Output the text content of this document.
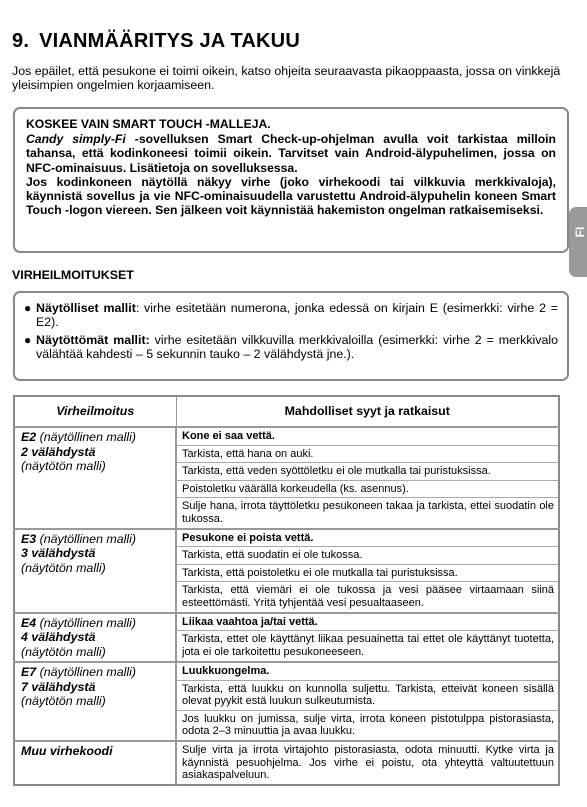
9. VIANMÄÄRITYS JA TAKUU

Jos epäilet, että pesukone ei toimi oikein, katso ohjeita seuraavasta pikaoppaasta, jossa on vinkkejä yleisimpien ongelmien korjaamiseen.

KOSKEE VAIN SMART TOUCH -MALLEJA.

Candy simply-Fi -sovelluksen Smart Check-up-ohjelman avulla voit tarkistaa milloin tahansa, että kodinkoneesi toimii oikein. Tarvitset vain Android-älypuhelimen, jossa on NFC-ominaisuus. Lisätietoja on sovelluksessa.

Jos kodinkoneen näytöllä näkyy virhe (joko virhekoodi tai vilkkuvia merkkivaloja), käynnistä sovellus ja vie NFC-ominaisuudella varustettu Android-älypuhelin koneen Smart Touch -logon viereen. Sen jälkeen voit käynnistää hakemiston ongelman ratkaisemiseksi.

VIRHEILMOITUKSET
● Näytölliset mallit: virhe esitetään numerona, jonka edessä on kirjain E (esimerkki: virhe 2 = E2).
● Näytöttömät mallit: virhe esitetään vilkkuvilla merkkivaloilla (esimerkki: virhe 2 = merkkivalo välähtää kahdesti – 5 sekunnin tauko – 2 välähdystä jne.).
Virheilmoitus	Mahdolliset syyt ja ratkaisut
E2 (näytöllinen malli)
2 välähdystä
(näytötön malli)	Kone ei saa vettä.
	Tarkista, että hana on auki.
	Tarkista, että veden syöttöletku ei ole mutkalla tai puristuksissa.
	Poistoletku väärällä korkeudella (ks. asennus).
	Sulje hana, irrota täyttöletku pesukoneen takaa ja tarkista, ettei suodatin ole tukossa.
E3 (näytöllinen malli)
3 välähdystä
(näytötön malli)	Pesukone ei poista vettä.
	Tarkista, että suodatin ei ole tukossa.
	Tarkista, että poistoletku ei ole mutkalla tai puristuksissa.
	Tarkista, että viemäri ei ole tukossa ja vesi pääsee virtaamaan siinä esteettömästi. Yritä tyhjentää vesi pesualtaaseen.
E4 (näytöllinen malli)
4 välähdystä
(näytötön malli)	Liikaa vaahtoa ja/tai vettä.
	Tarkista, ettet ole käyttänyt liikaa pesuainetta tai ettet ole käyttänyt tuotetta, jota ei ole tarkoitettu pesukoneeseen.
E7 (näytöllinen malli)
7 välähdystä
(näytötön malli)	Luukkuongelma.
	Tarkista, että luukku on kunnolla suljettu. Tarkista, etteivät koneen sisällä olevat pyykit estä luukun sulkeutumista.
	Jos luukku on jumissa, sulje virta, irrota koneen pistotulppa pistorasiasta, odota 2–3 minuuttia ja avaa luukku.
Muu virhekoodi	Sulje virta ja irrota virtajohto pistorasiasta, odota minuutti. Kytke virta ja käynnistä pesuohjelma. Jos virhe ei poistu, ota yhteyttä valtuutettuun asiakaspalveluun.
FI
